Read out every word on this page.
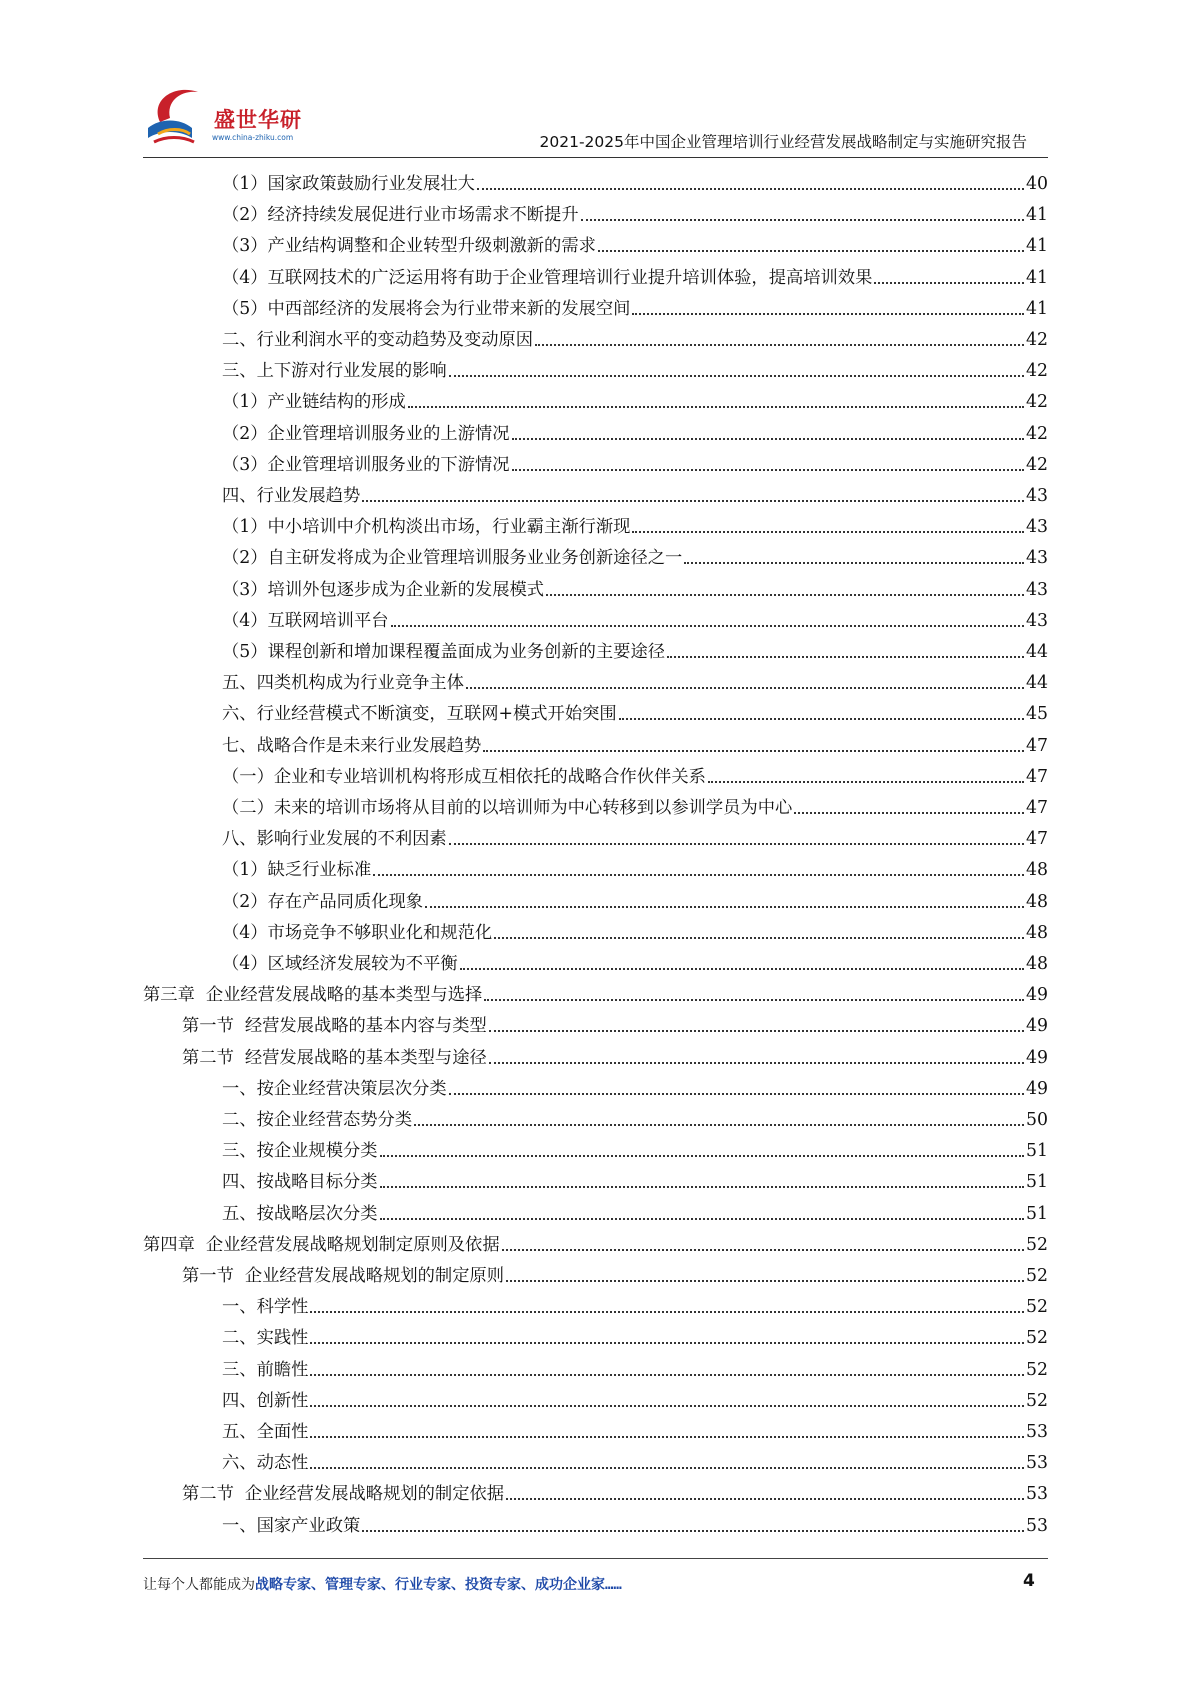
盛世华研
www.china-zhiku.com	2021-2025年中国企业管理培训行业经营发展战略制定与实施研究报告
（1）国家政策鼓励行业发展壮大	40
（2）经济持续发展促进行业市场需求不断提升	41
（3）产业结构调整和企业转型升级刺激新的需求	41
（4）互联网技术的广泛运用将有助于企业管理培训行业提升培训体验，提高培训效果	41
（5）中西部经济的发展将会为行业带来新的发展空间	41
二、行业利润水平的变动趋势及变动原因	42
三、上下游对行业发展的影响	42
（1）产业链结构的形成	42
（2）企业管理培训服务业的上游情况	42
（3）企业管理培训服务业的下游情况	42
四、行业发展趋势	43
（1）中小培训中介机构淡出市场，行业霸主渐行渐现	43
（2）自主研发将成为企业管理培训服务业业务创新途径之一	43
（3）培训外包逐步成为企业新的发展模式	43
（4）互联网培训平台	43
（5）课程创新和增加课程覆盖面成为业务创新的主要途径	44
五、四类机构成为行业竞争主体	44
六、行业经营模式不断演变，互联网+模式开始突围	45
七、战略合作是未来行业发展趋势	47
（一）企业和专业培训机构将形成互相依托的战略合作伙伴关系	47
（二）未来的培训市场将从目前的以培训师为中心转移到以参训学员为中心	47
八、影响行业发展的不利因素	47
（1）缺乏行业标准	48
（2）存在产品同质化现象	48
（4）市场竞争不够职业化和规范化	48
（4）区域经济发展较为不平衡	48
第三章  企业经营发展战略的基本类型与选择	49
第一节  经营发展战略的基本内容与类型	49
第二节  经营发展战略的基本类型与途径	49
一、按企业经营决策层次分类	49
二、按企业经营态势分类	50
三、按企业规模分类	51
四、按战略目标分类	51
五、按战略层次分类	51
第四章  企业经营发展战略规划制定原则及依据	52
第一节  企业经营发展战略规划的制定原则	52
一、科学性	52
二、实践性	52
三、前瞻性	52
四、创新性	52
五、全面性	53
六、动态性	53
第二节  企业经营发展战略规划的制定依据	53
一、国家产业政策	53
让每个人都能成为战略专家、管理专家、行业专家、投资专家、成功企业家……	4
